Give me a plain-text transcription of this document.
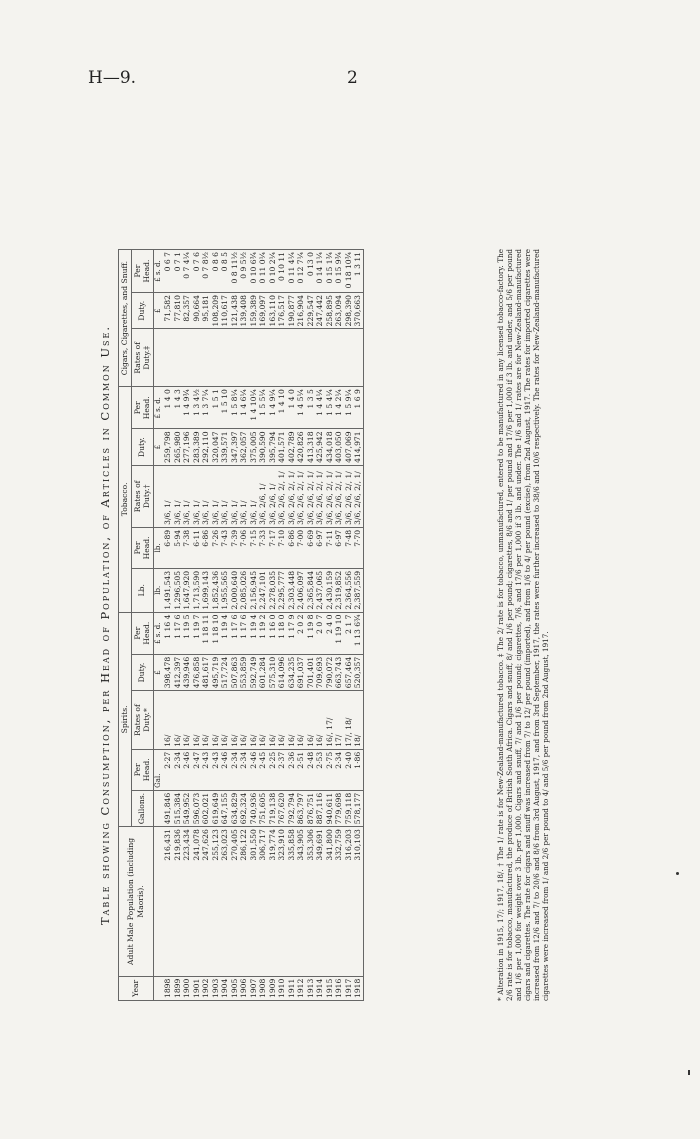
H—9.	2
Table showing Consumption, per Head of Population, of Articles in Common Use.
Year	Adult Male Population (including Maoris).	Spirits.					Tobacco.					Cigars, Cigarettes, and Snuff.		
		Gallons.	Per Head.	Rates of Duty.*	Duty.	Per Head.	Lb.	Per Head.	Rates of Duty.†	Duty.	Per Head.	Rates of Duty.‡	Duty.	Per Head.
			Gal.		£	£ s. d.	lb.	lb.		£	£ s. d.		£	£ s. d.
1898	216,431	491,846	2·27	16/	398,478	1 16 4	1,491,543	6·89	3/6, 1/	259,798	1 4 0		71,582	0 6 7
1899	219,836	515,384	2·34	16/	412,397	1 17 6	1,296,505	5·94	3/6, 1/	265,980	1 4 3		77,810	0 7 1
1900	223,434	549,952	2·46	16/	439,946	1 19 5	1,647,920	7·38	3/6, 1/	277,196	1 4 9¾		82,357	0 7 4¼
1901	241,078	596,073	2·47	16/	476,858	1 19 7	1,713,590	6·11	3/6, 1/	283,389	1 3 4½		90,664	0 7 6
1902	247,626	602,021	2·43	16/	481,617	1 18 11	1,699,143	6·86	3/6, 1/	292,110	1 3 7¼		95,181	0 7 8½
1903	255,123	619,649	2·43	16/	495,719	1 18 10	1,852,436	7·26	3/6, 1/	320,047	1 5 1		108,209	0 8 6
1904	263,023	647,155	2·46	16/	517,724	1 19 4	1,955,565	7·43	3/6, 1/	339,571	1 5 10		110,617	0 8 5
1905	270,405	634,829	2·34	16/	507,863	1 17 6	2,000,640	7·39	3/6, 1/	347,397	1 5 8¼		121,438	0 8 11½
1906	286,122	692,324	2·34	16/	553,859	1 17 6	2,085,026	7·06	3/6, 1/	362,057	1 4 6¼		139,408	0 9 5½
1907	301,550	740,936	2·46	16/	592,749	1 19 4	2,156,945	7·15	3/6, 1/	375,005	1 4 10¼		159,389	0 10 6¾
1908	306,717	751,605	2·45	16/	601,284	1 19 2	2,247,101	7·33	3/6, 2/6, 1/	390,590	1 5 5¼		169,097	0 11 0¼
1909	319,774	719,138	2·25	16/	575,310	1 16 0	2,278,035	7·17	3/6, 2/6, 1/	395,794	1 4 9¼		163,110	0 10 2¼
1910	323,910	767,620	2·37	16/	614,096	1 18 0	2,295,777	7·10	3/6, 2/6, 2/, 1/	401,571	1 4 10		176,517	0 10 11
1911	335,858	792,794	2·36	16/	634,235	1 17 9	2,303,448	6·86	3/6, 2/6, 2/, 1/	402,789	1 4 0		190,877	0 11 4¼
1912	343,905	863,797	2·51	16/	691,037	2 0 2	2,406,097	7·00	3/6, 2/6, 2/, 1/	420,826	1 4 5¼		216,904	0 12 7¼
1913	353,306	876,751	2·48	16/	701,401	1 19 8	2,365,844	6·69	3/6, 2/6, 2/, 1/	413,318	1 3 5		229,547	0 13 0
1914	349,691	887,116	2·53	16/	709,693	2 0 7	2,437,065	6·97	3/6, 2/6, 2/, 1/	425,942	1 4 4¼		247,442	0 14 1¼
1915	341,800	940,611	2·75	16/, 17/	790,072	2 4 0	2,430,159	7·11	3/6, 2/6, 2/, 1/	434,018	1 5 4¼		258,895	0 15 1¾
1916	332,759	779,698	2·34	17/	663,743	1 19 10	2,319,852	6·97	3/6, 2/6, 2/, 1/	403,050	1 4 2¼		263,094	0 15 9¾
1917	316,203	759,118	2·40	17/, 18/	657,464	2 1 7	2,364,556	7·48	3/6, 2/6, 2/, 1/	407,069	1 5 9¼		298,390	0 18 10¾
1918	310,103	578,177	1·86	18/	520,357	1 13 6¾	2,387,559	7·70	3/6, 2/6, 2/, 1/	414,971	1 6 9		370,663	1 3 11	* Alteration in 1915, 17/; 1917, 18/. † The 1/ rate is for New-Zealand-manufactured tobacco. ‡ The 2/ rate is for tobacco, unmanufactured, entered to be manufactured in any licensed tobacco-factory. The 2/6 rate is for tobacco, manufactured, the produce of British South Africa. Cigars and snuff, 8/ and 1/6 per pound; cigarettes, 8/6 and 1/ per pound and 17/6 per 1,000 if 3 lb. and under, and 5/6 per pound and 1/6 per 1,000 for weight over 3 lb. per 1,000. Cigars and snuff, 7/ and 1/6 per pound; cigarettes, 7/6, and 17/6 per 1,000 if 3 lb. and under. The 1/6 and 1/ rates are for New-Zealand-manufactured cigars and cigarettes. The rate for cigars and snuff was increased from 7/ to 12/ per pound (imported), and from 1/6 to 4/ per pound (excise), from 2nd August, 1917. The rates for imported cigarettes were increased from 12/6 and 7/ to 20/6 and 8/6 from 3rd August, 1917, and from 3rd September, 1917, the rates were further increased to 38/6 and 10/6 respectively. The rates for New-Zealand-manufactured cigarettes were increased from 1/ and 2/6 per pound to 4/ and 5/6 per pound from 2nd August, 1917.
